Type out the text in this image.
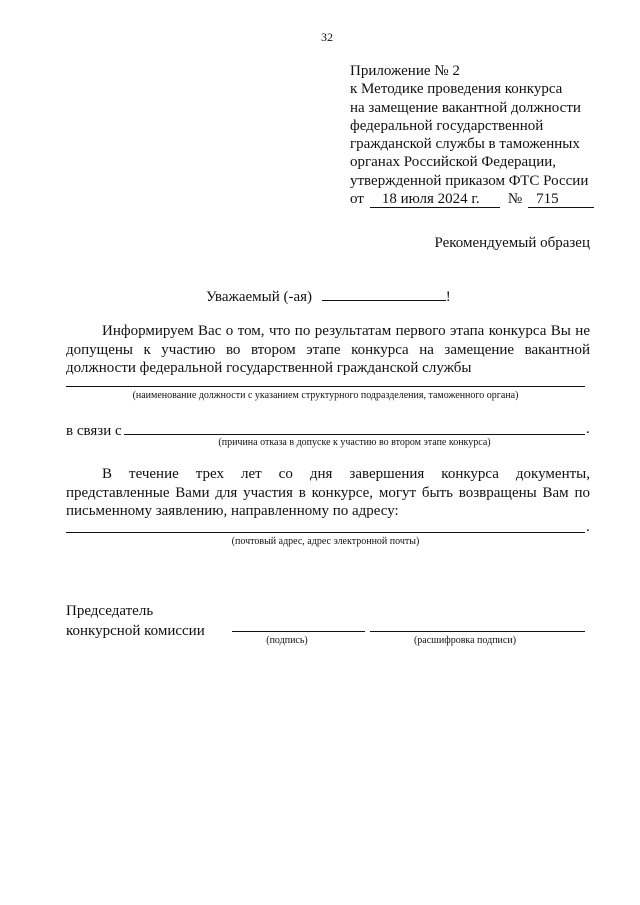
32
Приложение № 2
к Методике проведения конкурса
на замещение вакантной должности
федеральной государственной
гражданской службы в таможенных
органах Российской Федерации,
утвержденной приказом ФТС России
от	18 июля 2024 г.	№ 715
Рекомендуемый образец
Уважаемый (-ая)	!
Информируем Вас о том, что по результатам первого этапа конкурса Вы не допущены к участию во втором этапе конкурса на замещение вакантной должности федеральной государственной гражданской службы
(наименование должности с указанием структурного подразделения, таможенного органа)
в связи с	.
(причина отказа в допуске к участию во втором этапе конкурса)
В течение трех лет со дня завершения конкурса документы, представленные Вами для участия в конкурсе, могут быть возвращены Вам по письменному заявлению, направленному по адресу:
.
(почтовый адрес, адрес электронной почты)
Председатель
конкурсной комиссии
(подпись)	(расшифровка подписи)
